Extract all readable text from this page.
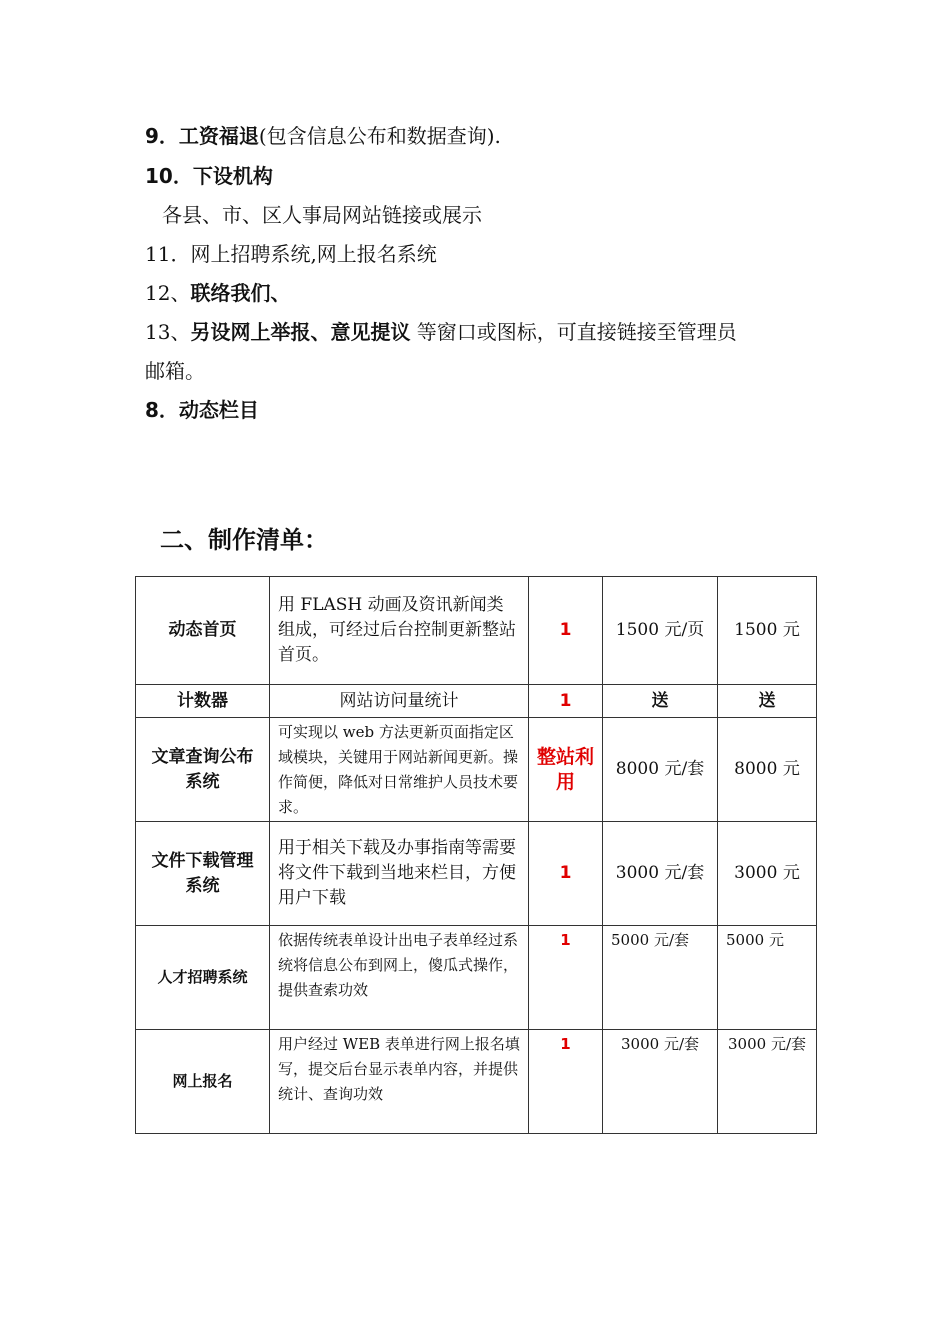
9．工资福退(包含信息公布和数据查询).
10．下设机构
各县、市、区人事局网站链接或展示
11．网上招聘系统,网上报名系统
12、联络我们、
13、另设网上举报、意见提议 等窗口或图标，可直接链接至管理员
邮箱。
8．动态栏目
二、制作清单：
动态首页	用 FLASH 动画及资讯新闻类组成，可经过后台控制更新整站首页。	1	1500 元/页	1500 元
计数器	网站访问量统计	1	送	送
文章查询公布系统	可实现以 web 方法更新页面指定区域模块，关键用于网站新闻更新。操作简便，降低对日常维护人员技术要求。	整站利用	8000 元/套	8000 元
文件下载管理系统	用于相关下载及办事指南等需要将文件下载到当地来栏目，方便用户下载	1	3000 元/套	3000 元
人才招聘系统	依据传统表单设计出电子表单经过系统将信息公布到网上，傻瓜式操作，提供查索功效	1	5000 元/套	5000 元
网上报名	用户经过 WEB 表单进行网上报名填写，提交后台显示表单内容，并提供统计、查询功效	1	3000 元/套	3000 元/套
